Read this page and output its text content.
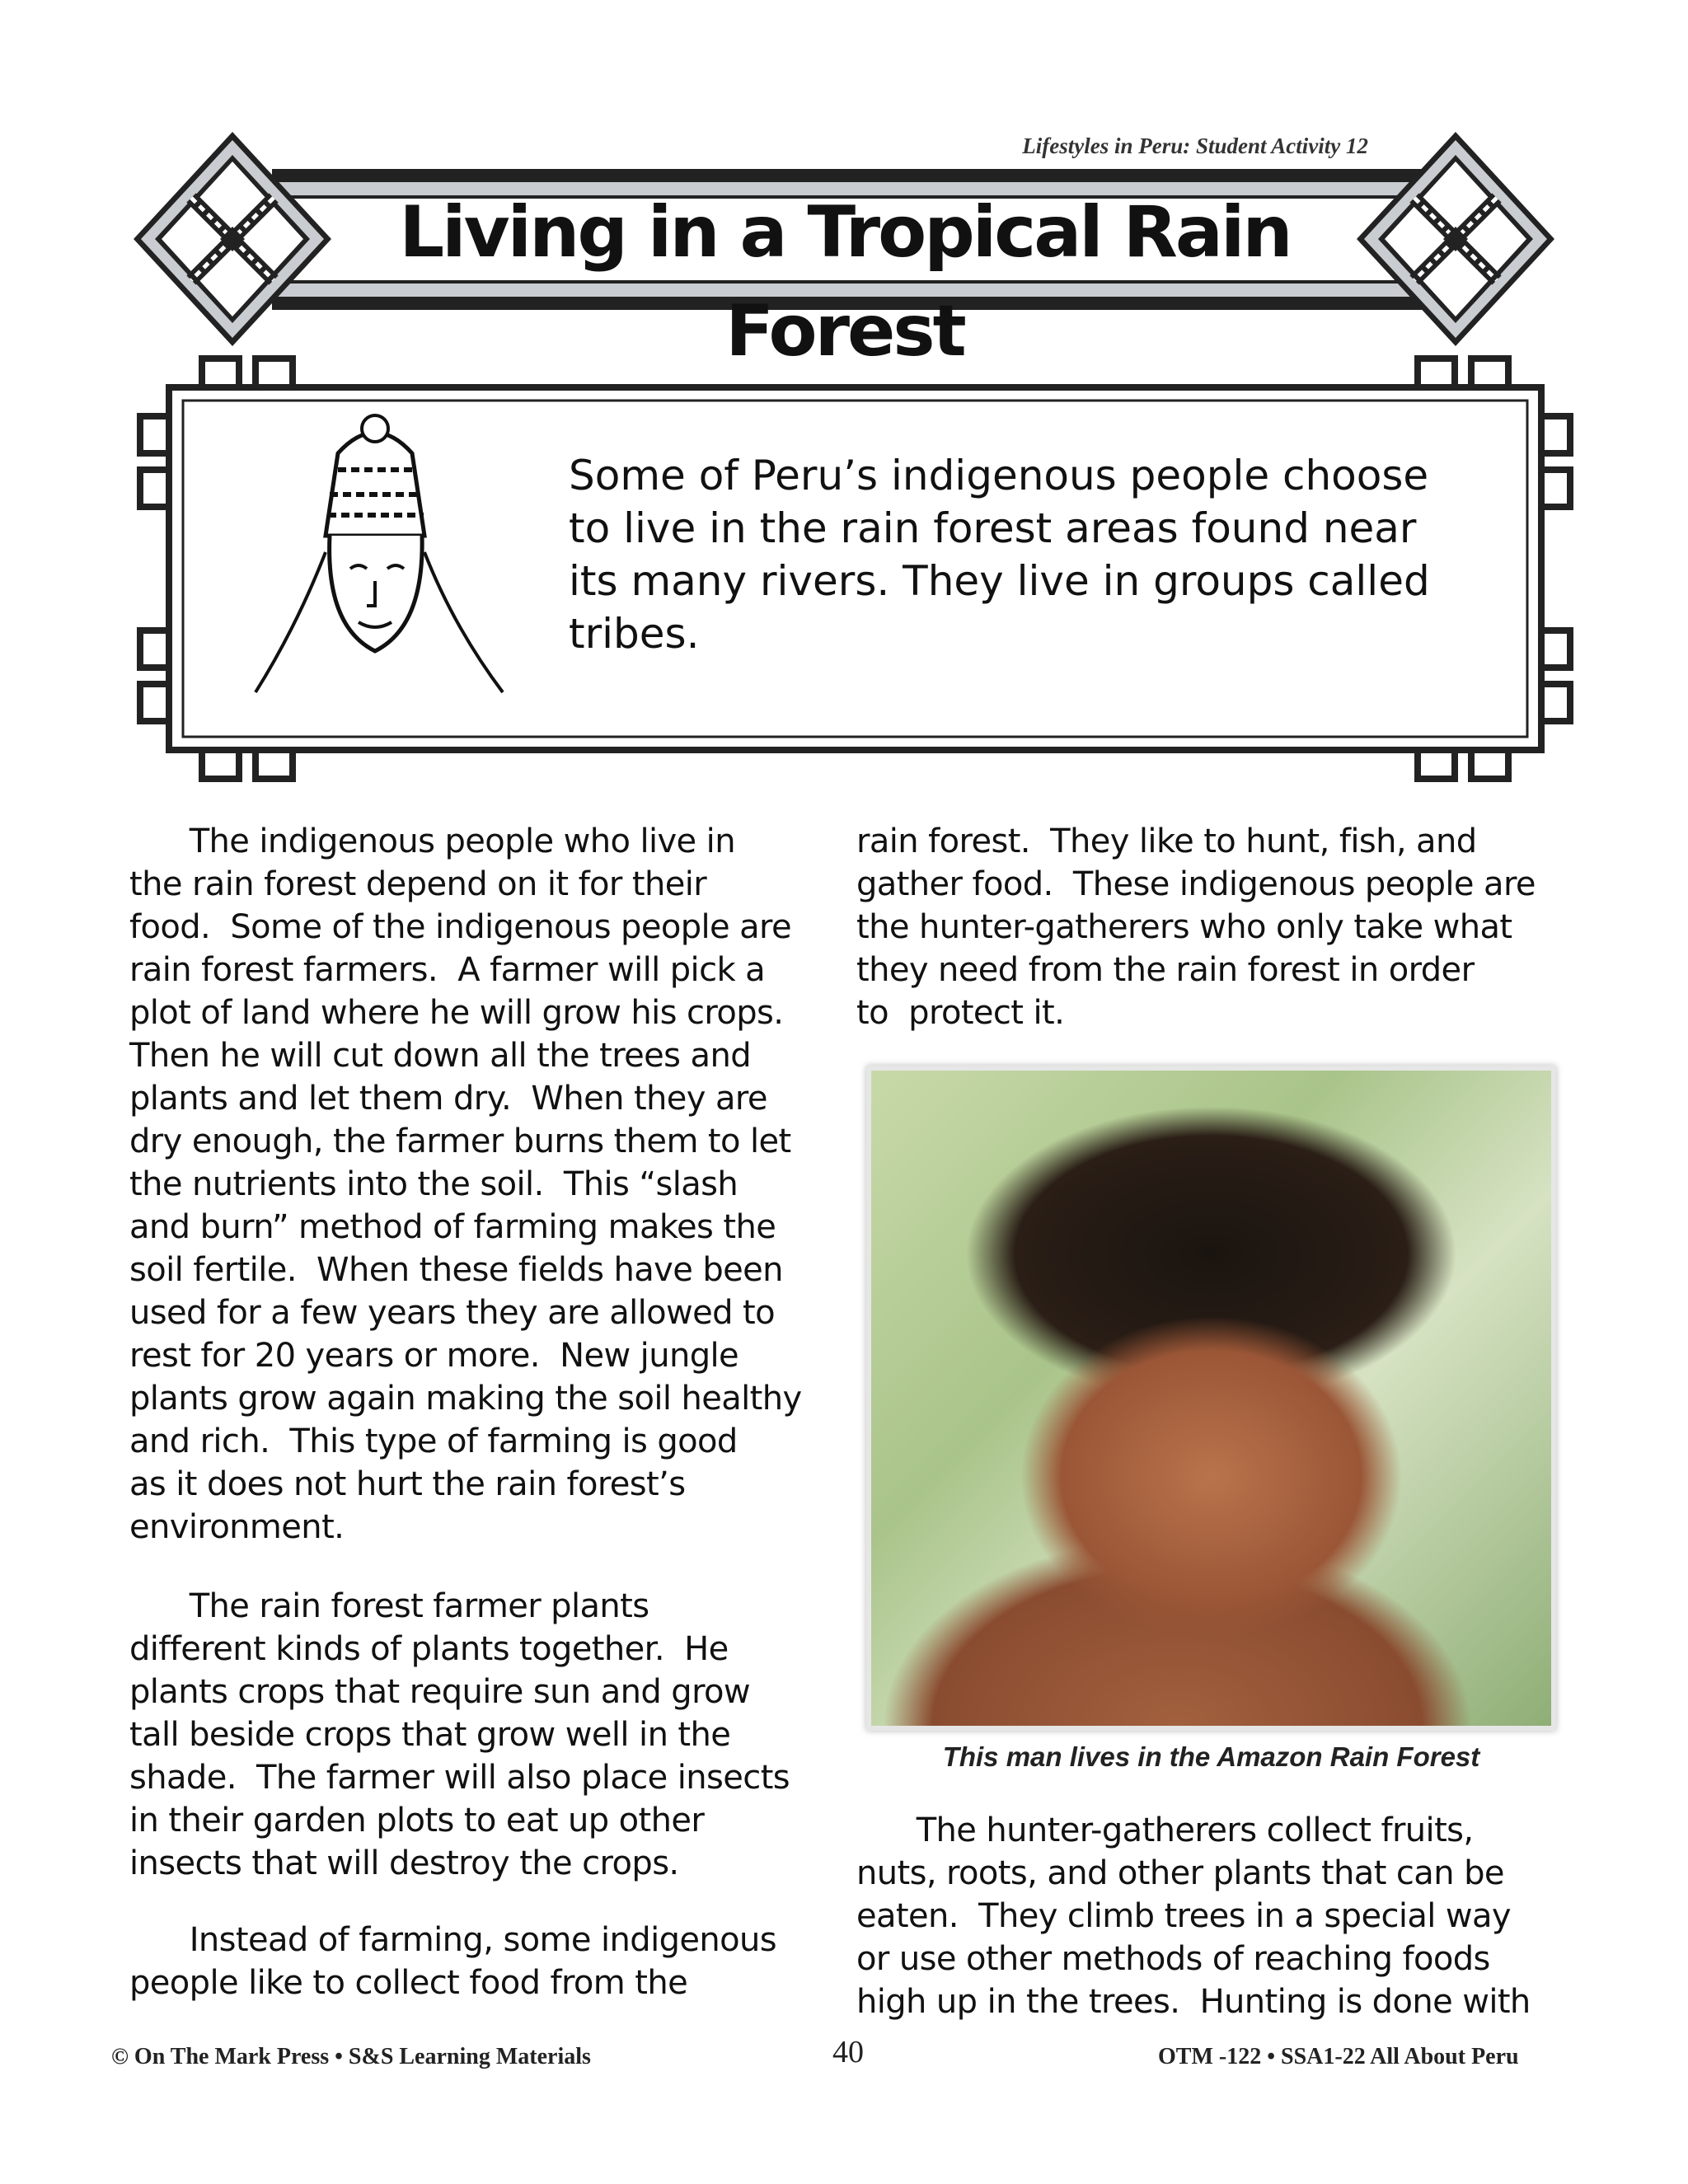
Lifestyles in Peru: Student Activity 12
Living in a Tropical Rain Forest
Some of Peru’s indigenous people choose
to live in the rain forest areas found near
its many rivers. They live in groups called
tribes.
The indigenous people who live in
the rain forest depend on it for their
food.  Some of the indigenous people are
rain forest farmers.  A farmer will pick a
plot of land where he will grow his crops.
Then he will cut down all the trees and
plants and let them dry.  When they are
dry enough, the farmer burns them to let
the nutrients into the soil.  This “slash
and burn” method of farming makes the
soil fertile.  When these fields have been
used for a few years they are allowed to
rest for 20 years or more.  New jungle
plants grow again making the soil healthy
and rich.  This type of farming is good
as it does not hurt the rain forest’s
environment.
The rain forest farmer plants
different kinds of plants together.  He
plants crops that require sun and grow
tall beside crops that grow well in the
shade.  The farmer will also place insects
in their garden plots to eat up other
insects that will destroy the crops.
Instead of farming, some indigenous
people like to collect food from the
rain forest.  They like to hunt, fish, and
gather food.  These indigenous people are
the hunter-gatherers who only take what
they need from the rain forest in order
to  protect it.
The hunter-gatherers collect fruits,
nuts, roots, and other plants that can be
eaten.  They climb trees in a special way
or use other methods of reaching foods
high up in the trees.  Hunting is done with
This man lives in the Amazon Rain Forest
© On The Mark Press • S&S Learning Materials	40	OTM -122 • SSA1-22 All About Peru
